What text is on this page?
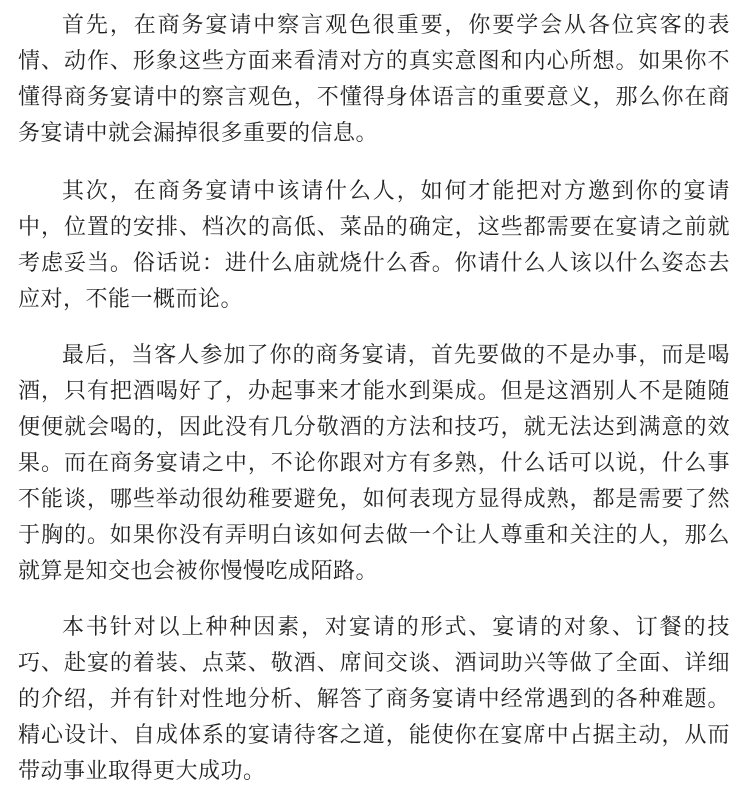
首先，在商务宴请中察言观色很重要，你要学会从各位宾客的表情、动作、形象这些方面来看清对方的真实意图和内心所想。如果你不懂得商务宴请中的察言观色，不懂得身体语言的重要意义，那么你在商务宴请中就会漏掉很多重要的信息。

其次，在商务宴请中该请什么人，如何才能把对方邀到你的宴请中，位置的安排、档次的高低、菜品的确定，这些都需要在宴请之前就考虑妥当。俗话说：进什么庙就烧什么香。你请什么人该以什么姿态去应对，不能一概而论。

最后，当客人参加了你的商务宴请，首先要做的不是办事，而是喝酒，只有把酒喝好了，办起事来才能水到渠成。但是这酒别人不是随随便便就会喝的，因此没有几分敬酒的方法和技巧，就无法达到满意的效果。而在商务宴请之中，不论你跟对方有多熟，什么话可以说，什么事不能谈，哪些举动很幼稚要避免，如何表现方显得成熟，都是需要了然于胸的。如果你没有弄明白该如何去做一个让人尊重和关注的人，那么就算是知交也会被你慢慢吃成陌路。

本书针对以上种种因素，对宴请的形式、宴请的对象、订餐的技巧、赴宴的着装、点菜、敬酒、席间交谈、酒词助兴等做了全面、详细的介绍，并有针对性地分析、解答了商务宴请中经常遇到的各种难题。精心设计、自成体系的宴请待客之道，能使你在宴席中占据主动，从而带动事业取得更大成功。
